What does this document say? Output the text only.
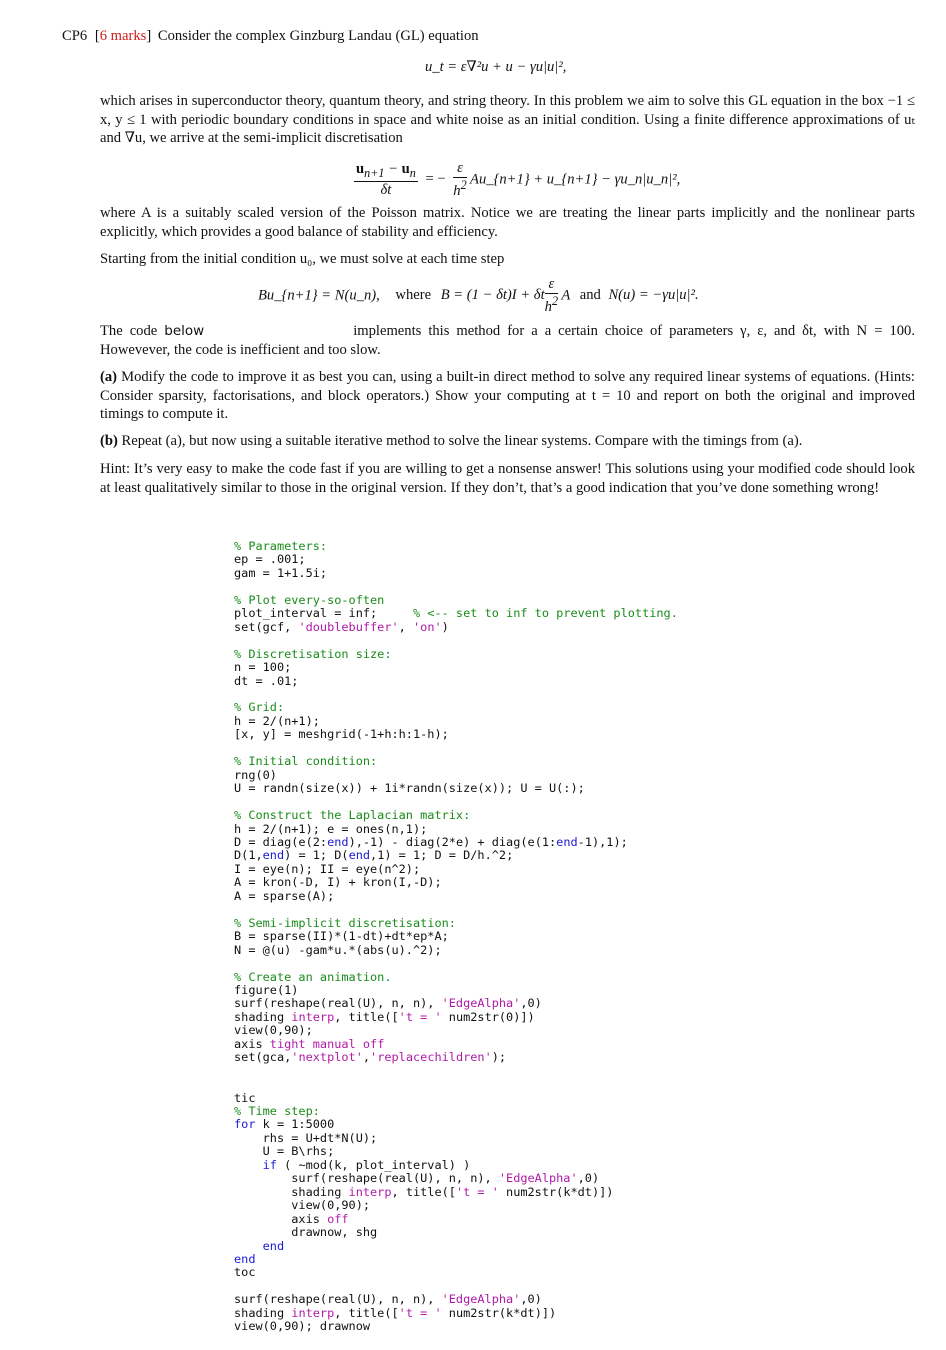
CP6 [6 marks] Consider the complex Ginzburg Landau (GL) equation
u_t = ε∇²u + u − γu|u|²,
which arises in superconductor theory, quantum theory, and string theory. In this problem we aim to solve this GL equation in the box −1 ≤ x, y ≤ 1 with periodic boundary conditions in space and white noise as an initial condition. Using a finite difference approximations of uₜ and ∇u, we arrive at the semi-implicit discretisation
$\frac{u_{n+1} - u_n}{\delta t}$ = − $\frac{\varepsilon}{h^2}$ Au_{n+1} + u_{n+1} − γu_n|u_n|²,
where A is a suitably scaled version of the Poisson matrix. Notice we are treating the linear parts implicitly and the nonlinear parts explicitly, which provides a good balance of stability and efficiency.
Starting from the initial condition u₀, we must solve at each time step
Bu_{n+1} = N(u_n), where B = (1 − δt)I + δt $\frac{\varepsilon}{h^2}$ A and N(u) = −γu|u|².
The code below	implements this method for a a certain choice of parameters γ, ε, and δt, with N = 100. Howevever, the code is inefficient and too slow.
(a) Modify the code to improve it as best you can, using a built-in direct method to solve any required linear systems of equations. (Hints: Consider sparsity, factorisations, and block operators.) Show your computing at t = 10 and report on both the original and improved timings to compute it.
(b) Repeat (a), but now using a suitable iterative method to solve the linear systems. Compare with the timings from (a).
Hint: It’s very easy to make the code fast if you are willing to get a nonsense answer! This solutions using your modified code should look at least qualitatively similar to those in the original version. If they don’t, that’s a good indication that you’ve done something wrong!
% Parameters:
ep = .001;
gam = 1+1.5i;

% Plot every-so-often
plot_interval = inf;     % <-- set to inf to prevent plotting.
set(gcf, 'doublebuffer', 'on')

% Discretisation size:
n = 100;
dt = .01;

% Grid:
h = 2/(n+1);
[x, y] = meshgrid(-1+h:h:1-h);

% Initial condition:
rng(0)
U = randn(size(x)) + 1i*randn(size(x)); U = U(:);

% Construct the Laplacian matrix:
h = 2/(n+1); e = ones(n,1);
D = diag(e(2:end),-1) - diag(2*e) + diag(e(1:end-1),1);
D(1,end) = 1; D(end,1) = 1; D = D/h.^2;
I = eye(n); II = eye(n^2);
A = kron(-D, I) + kron(I,-D);
A = sparse(A);

% Semi-implicit discretisation:
B = sparse(II)*(1-dt)+dt*ep*A;
N = @(u) -gam*u.*(abs(u).^2);

% Create an animation.
figure(1)
surf(reshape(real(U), n, n), 'EdgeAlpha',0)
shading interp, title(['t = ' num2str(0)])
view(0,90);
axis tight manual off
set(gca,'nextplot','replacechildren');

tic
% Time step:
for k = 1:5000
rhs = U+dt*N(U);
U = B\rhs;
if ( ~mod(k, plot_interval) )
surf(reshape(real(U), n, n), 'EdgeAlpha',0)
shading interp, title(['t = ' num2str(k*dt)])
view(0,90);
axis off
drawnow, shg
end
end
toc

surf(reshape(real(U), n, n), 'EdgeAlpha',0)
shading interp, title(['t = ' num2str(k*dt)])
view(0,90); drawnow
